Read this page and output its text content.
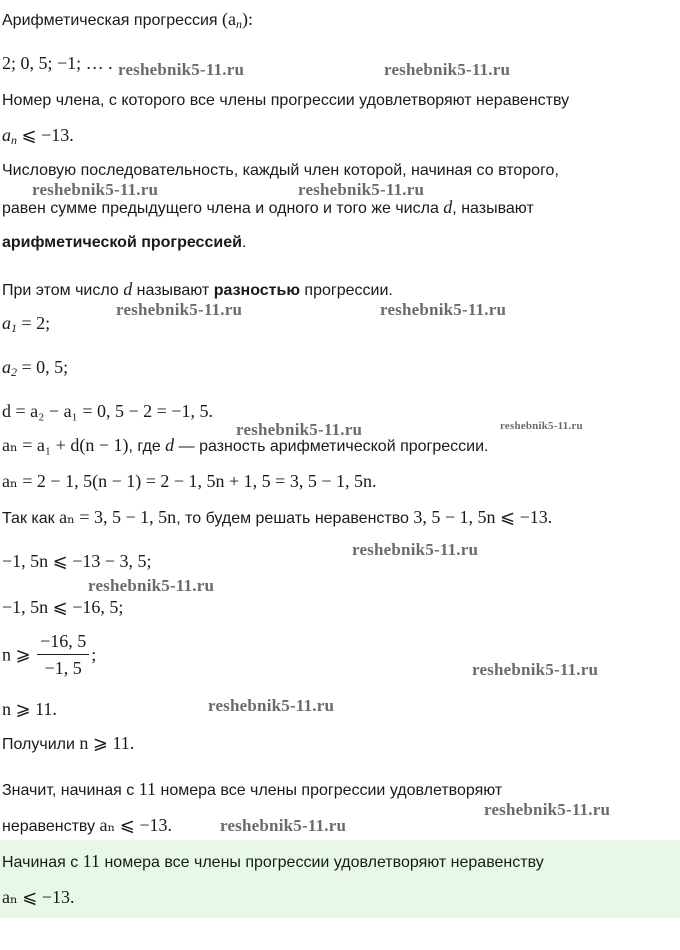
Арифметическая прогрессия $(a_n)$:
2; 0, 5; −1; … .
Номер члена, с которого все члены прогрессии удовлетворяют неравенству
$a_n$ ⩽ −13.
Числовую последовательность, каждый член которой, начиная со второго,
равен сумме предыдущего члена и одного и того же числа d, называют
арифметической прогрессией.
При этом число d называют разностью прогрессии.
$a_1 = 2$;
$a_2 = 0$, 5;
d = a₂ − a₁ = 0, 5 − 2 = −1, 5.
aₙ = a₁ + d(n − 1), где d — разность арифметической прогрессии.
aₙ = 2 − 1, 5(n − 1) = 2 − 1, 5n + 1, 5 = 3, 5 − 1, 5n.
Так как aₙ = 3, 5 − 1, 5n, то будем решать неравенство 3, 5 − 1, 5n ⩽ −13.
−1, 5n ⩽ −13 − 3, 5;
−1, 5n ⩽ −16, 5;
n ⩾ $\frac{-16, 5}{-1, 5}$ ;
n ⩾ 11.
Получили n ⩾ 11.
Значит, начиная с 11 номера все члены прогрессии удовлетворяют
неравенству aₙ ⩽ −13.
Начиная с 11 номера все члены прогрессии удовлетворяют неравенству
aₙ ⩽ −13.
reshebnik5-11.ru	reshebnik5-11.ru
reshebnik5-11.ru	reshebnik5-11.ru
reshebnik5-11.ru	reshebnik5-11.ru
reshebnik5-11.ru	reshebnik5-11.ru
reshebnik5-11.ru
reshebnik5-11.ru
reshebnik5-11.ru
reshebnik5-11.ru
reshebnik5-11.ru
reshebnik5-11.ru
